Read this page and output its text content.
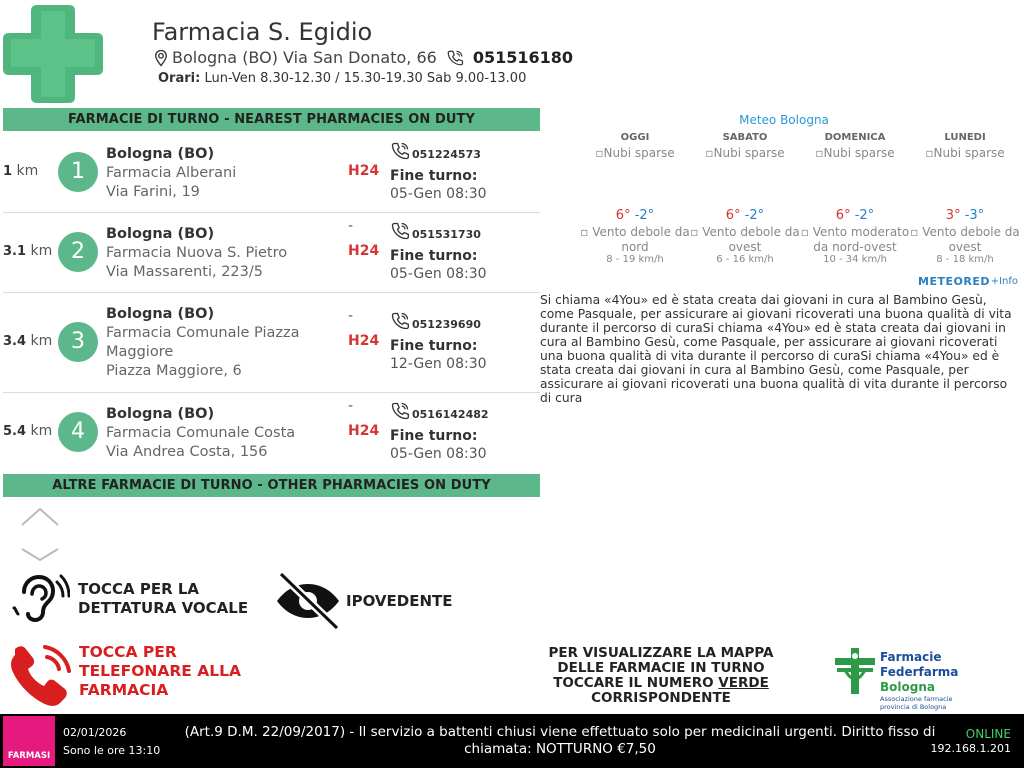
Farmacia S. Egidio
Bologna (BO) Via San Donato, 66 051516180
Orari: Lun-Ven 8.30-12.30 / 15.30-19.30 Sab 9.00-13.00
FARMACIE DI TURNO - NEAREST PHARMACIES ON DUTY
1 km	1
Bologna (BO)
Farmacia Alberani
Via Farini, 19
H24
051224573
Fine turno:
05-Gen 08:30
3.1 km 2
Bologna (BO)
Farmacia Nuova S. Pietro
Via Massarenti, 223/5
-
H24
051531730
Fine turno:
05-Gen 08:30
3.4 km 3
Bologna (BO)
Farmacia Comunale Piazza Maggiore
Piazza Maggiore, 6
-
H24
051239690
Fine turno:
12-Gen 08:30
5.4 km 4
Bologna (BO)
Farmacia Comunale Costa
Via Andrea Costa, 156
-
H24
0516142482
Fine turno:
05-Gen 08:30
ALTRE FARMACIE DI TURNO - OTHER PHARMACIES ON DUTY
Meteo Bologna
OGGI
▫Nubi sparse
6° -2°
▫ Vento debole da nord
8 - 19 km/h
SABATO
▫Nubi sparse
6° -2°
▫ Vento debole da ovest
6 - 16 km/h
DOMENICA
▫Nubi sparse
6° -2°
▫ Vento moderato da nord-ovest
10 - 34 km/h
LUNEDI
▫Nubi sparse
3° -3°
▫ Vento debole da ovest
8 - 18 km/h
METEORED +Info
Si chiama «4You» ed è stata creata dai giovani in cura al Bambino Gesù, come Pasquale, per assicurare ai giovani ricoverati una buona qualità di vita durante il percorso di curaSi chiama «4You» ed è stata creata dai giovani in cura al Bambino Gesù, come Pasquale, per assicurare ai giovani ricoverati una buona qualità di vita durante il percorso di curaSi chiama «4You» ed è stata creata dai giovani in cura al Bambino Gesù, come Pasquale, per assicurare ai giovani ricoverati una buona qualità di vita durante il percorso di cura
TOCCA PER LA
DETTATURA VOCALE	IPOVEDENTE
TOCCA PER
TELEFONARE ALLA
FARMACIA
PER VISUALIZZARE LA MAPPA
DELLE FARMACIE IN TURNO
TOCCARE IL NUMERO VERDE
CORRISPONDENTE
Farmacie
Federfarma
Bologna
Associazione farmacie
provincia di Bologna
FARMASI
02/01/2026
Sono le ore 13:10
(Art.9 D.M. 22/09/2017) - Il servizio a battenti chiusi viene effettuato solo per medicinali urgenti. Diritto fisso di chiamata: NOTTURNO €7,50
ONLINE
192.168.1.201
